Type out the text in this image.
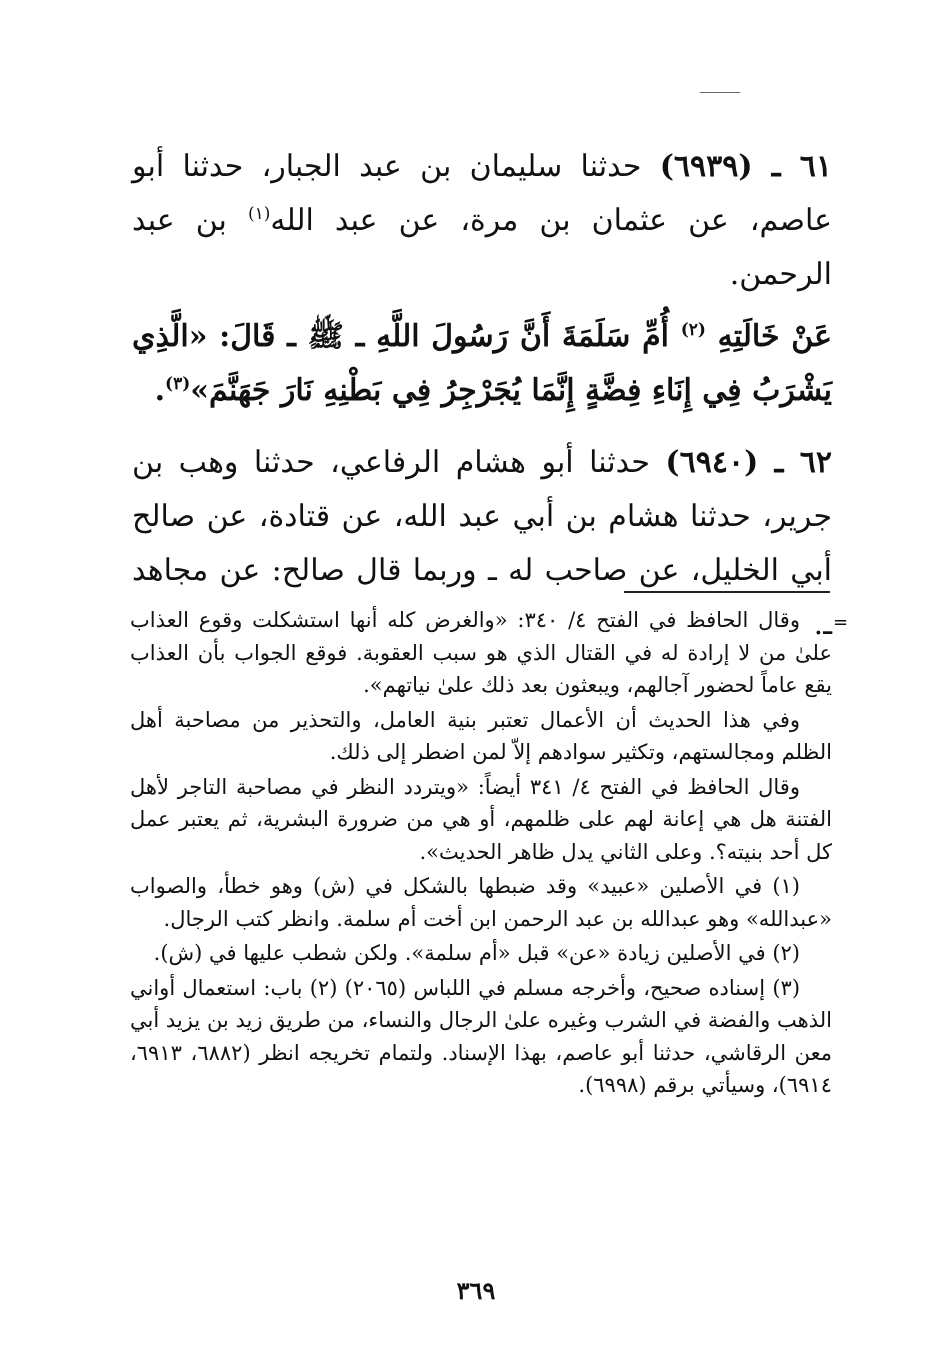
٦١ ـ (٦٩٣٩) حدثنا سليمان بن عبد الجبار، حدثنا أبو عاصم، عن عثمان بن مرة، عن عبد الله$^{(١)}$ بن عبد الرحمن.

عَنْ خَالَتِهِ $^{(٢)}$ أُمِّ سَلَمَةَ أَنَّ رَسُولَ اللَّهِ ـ ﷺ ـ قَالَ: «الَّذِي يَشْرَبُ فِي إِنَاءِ فِضَّةٍ إِنَّمَا يُجَرْجِرُ فِي بَطْنِهِ نَارَ جَهَنَّمَ»$^{(٣)}$.

٦٢ ـ (٦٩٤٠) حدثنا أبو هشام الرفاعي، حدثنا وهب بن جرير، حدثنا هشام بن أبي عبد الله، عن قتادة، عن صالح أبي الخليل، عن صاحب له ـ وربما قال صالح: عن مجاهد ـ. =

وقال الحافظ في الفتح ٤/ ٣٤٠: «والغرض كله أنها استشكلت وقوع العذاب علىٰ من لا إرادة له في القتال الذي هو سبب العقوبة. فوقع الجواب بأن العذاب يقع عاماً لحضور آجالهم، ويبعثون بعد ذلك علىٰ نياتهم».

وفي هذا الحديث أن الأعمال تعتبر بنية العامل، والتحذير من مصاحبة أهل الظلم ومجالستهم، وتكثير سوادهم إلاّ لمن اضطر إلى ذلك.

وقال الحافظ في الفتح ٤/ ٣٤١ أيضاً: «ويتردد النظر في مصاحبة التاجر لأهل الفتنة هل هي إعانة لهم على ظلمهم، أو هي من ضرورة البشرية، ثم يعتبر عمل كل أحد بنيته؟. وعلى الثاني يدل ظاهر الحديث».

(١) في الأصلين «عبيد» وقد ضبطها بالشكل في (ش) وهو خطأ، والصواب «عبدالله» وهو عبدالله بن عبد الرحمن ابن أخت أم سلمة. وانظر كتب الرجال.

(٢) في الأصلين زيادة «عن» قبل «أم سلمة». ولكن شطب عليها في (ش).

(٣) إسناده صحيح، وأخرجه مسلم في اللباس (٢٠٦٥) (٢) باب: استعمال أواني الذهب والفضة في الشرب وغيره علىٰ الرجال والنساء، من طريق زيد بن يزيد أبي معن الرقاشي، حدثنا أبو عاصم، بهذا الإسناد. ولتمام تخريجه انظر (٦٨٨٢، ٦٩١٣، ٦٩١٤)، وسيأتي برقم (٦٩٩٨).

٣٦٩
